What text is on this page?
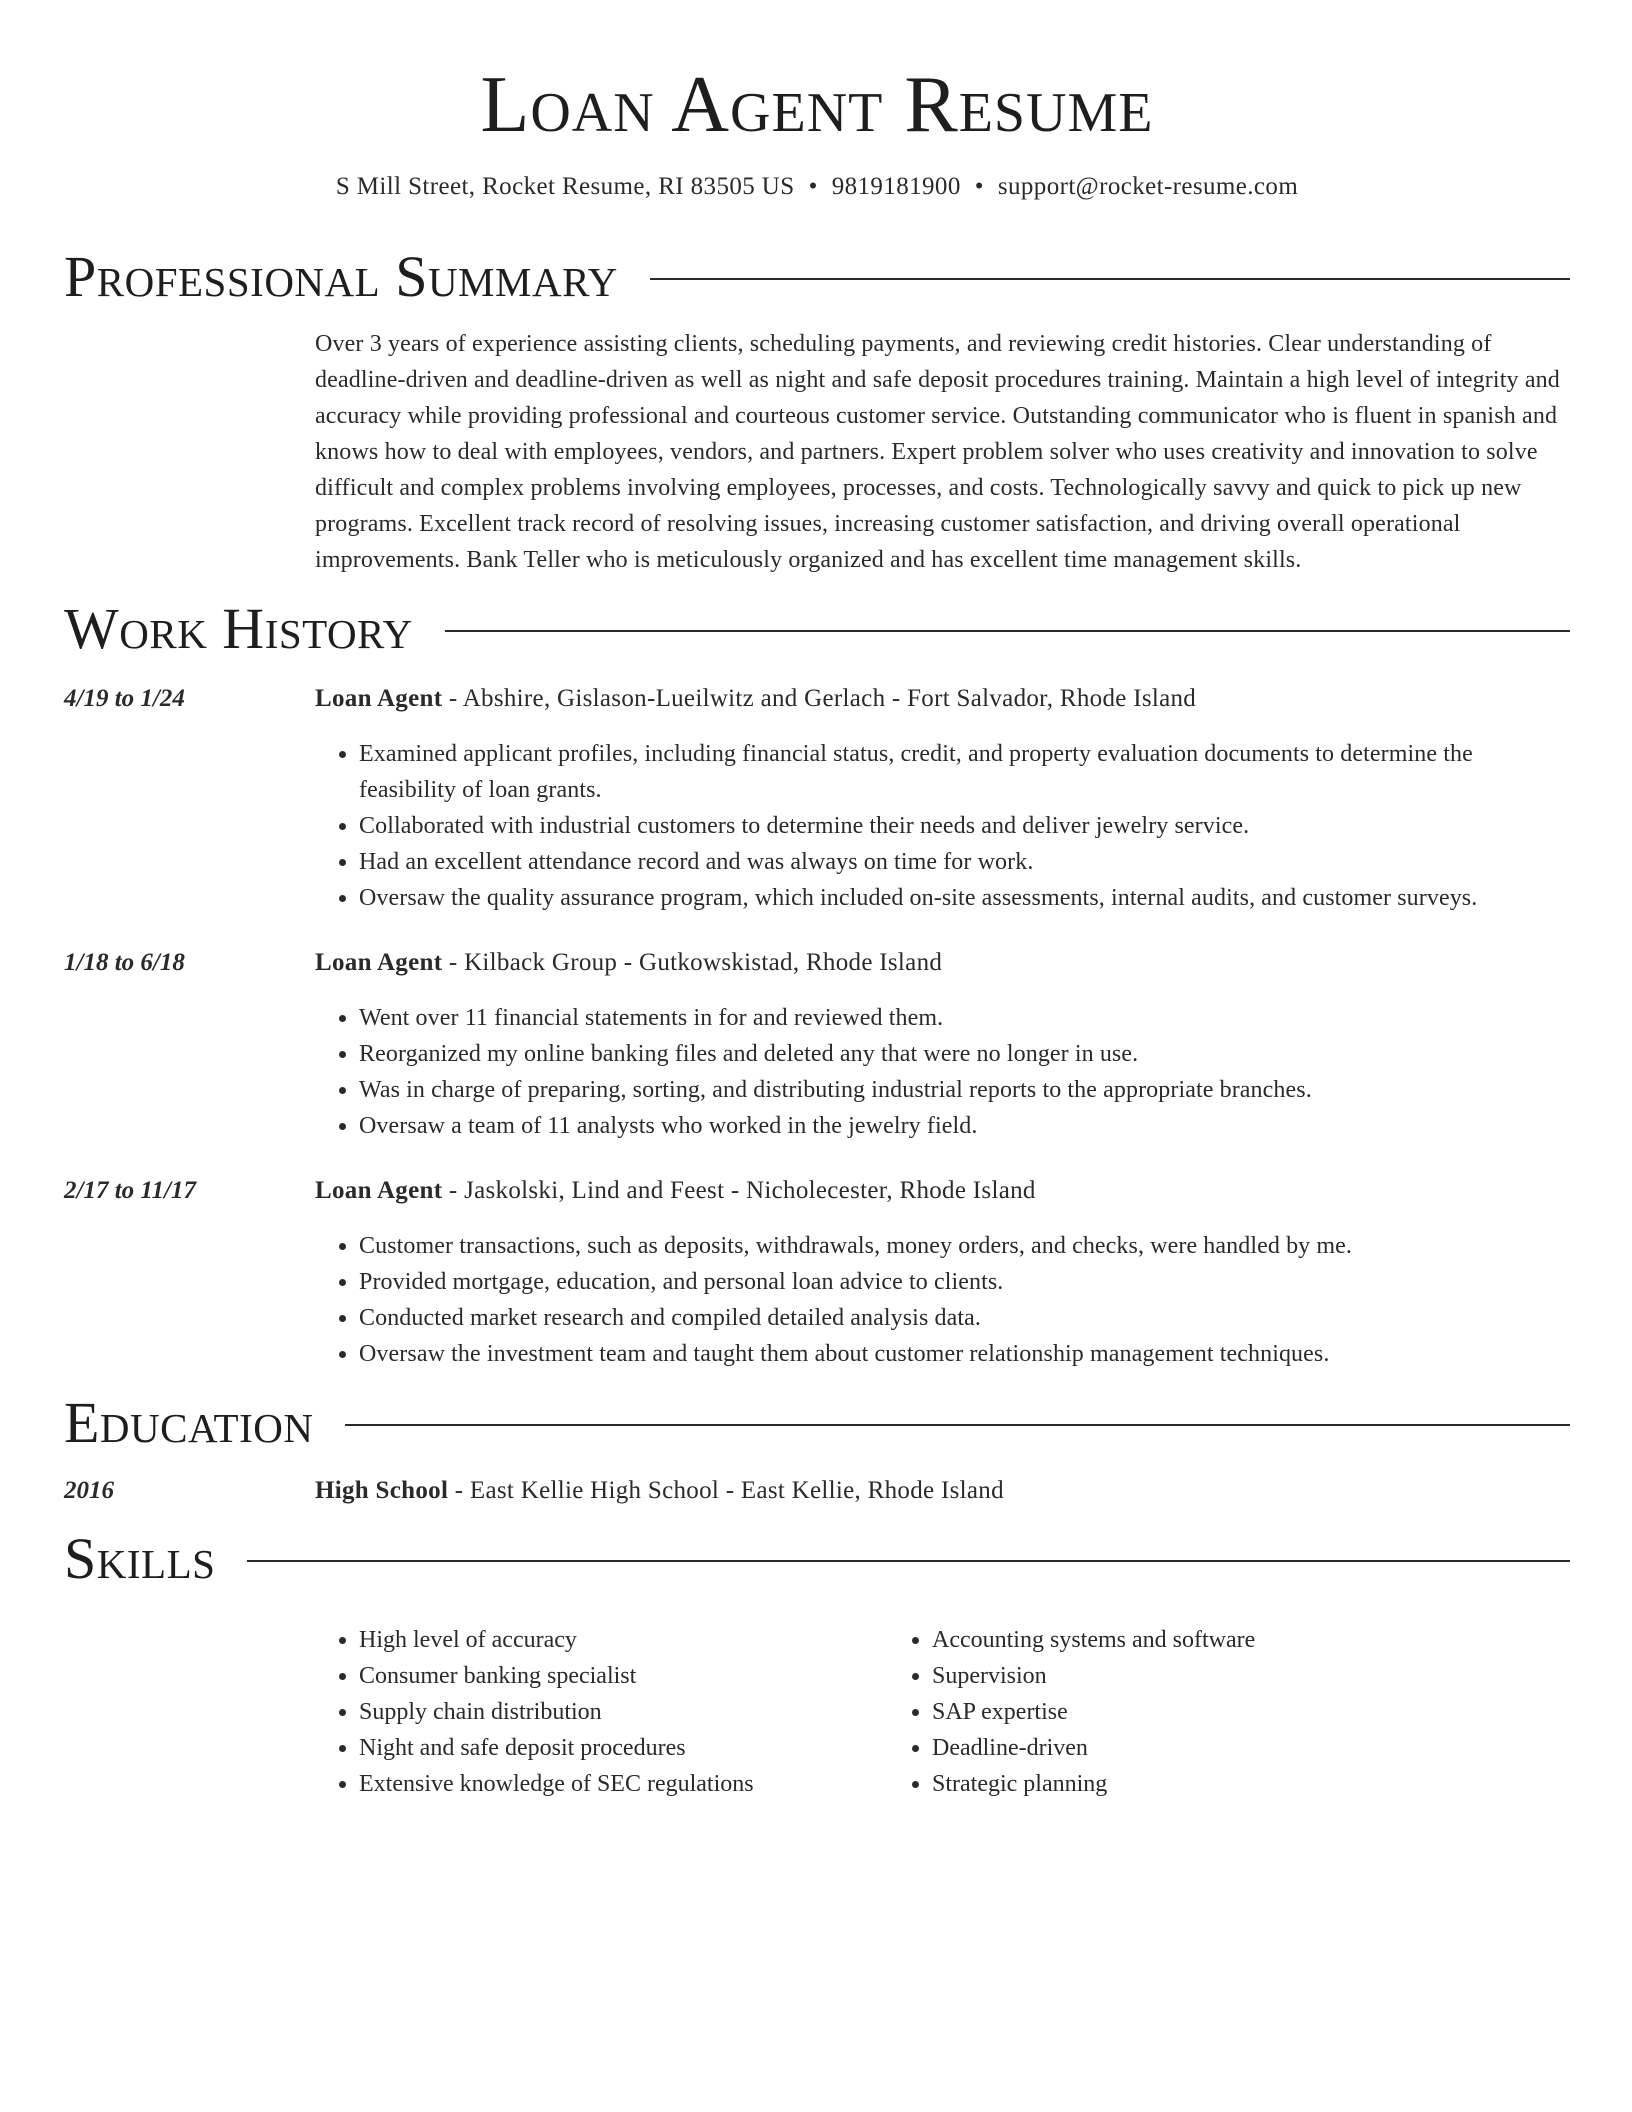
Loan Agent Resume
S Mill Street, Rocket Resume, RI 83505 US • 9819181900 • support@rocket-resume.com
Professional Summary
Over 3 years of experience assisting clients, scheduling payments, and reviewing credit histories. Clear understanding of deadline-driven and deadline-driven as well as night and safe deposit procedures training. Maintain a high level of integrity and accuracy while providing professional and courteous customer service. Outstanding communicator who is fluent in spanish and knows how to deal with employees, vendors, and partners. Expert problem solver who uses creativity and innovation to solve difficult and complex problems involving employees, processes, and costs. Technologically savvy and quick to pick up new programs. Excellent track record of resolving issues, increasing customer satisfaction, and driving overall operational improvements. Bank Teller who is meticulously organized and has excellent time management skills.
Work History
4/19 to 1/24	Loan Agent - Abshire, Gislason-Lueilwitz and Gerlach - Fort Salvador, Rhode Island
• Examined applicant profiles, including financial status, credit, and property evaluation documents to determine the feasibility of loan grants.
• Collaborated with industrial customers to determine their needs and deliver jewelry service.
• Had an excellent attendance record and was always on time for work.
• Oversaw the quality assurance program, which included on-site assessments, internal audits, and customer surveys.
1/18 to 6/18	Loan Agent - Kilback Group - Gutkowskistad, Rhode Island
• Went over 11 financial statements in for and reviewed them.
• Reorganized my online banking files and deleted any that were no longer in use.
• Was in charge of preparing, sorting, and distributing industrial reports to the appropriate branches.
• Oversaw a team of 11 analysts who worked in the jewelry field.
2/17 to 11/17	Loan Agent - Jaskolski, Lind and Feest - Nicholecester, Rhode Island
• Customer transactions, such as deposits, withdrawals, money orders, and checks, were handled by me.
• Provided mortgage, education, and personal loan advice to clients.
• Conducted market research and compiled detailed analysis data.
• Oversaw the investment team and taught them about customer relationship management techniques.
Education
2016	High School - East Kellie High School - East Kellie, Rhode Island
Skills
• High level of accuracy
• Consumer banking specialist
• Supply chain distribution
• Night and safe deposit procedures
• Extensive knowledge of SEC regulations
• Accounting systems and software
• Supervision
• SAP expertise
• Deadline-driven
• Strategic planning
